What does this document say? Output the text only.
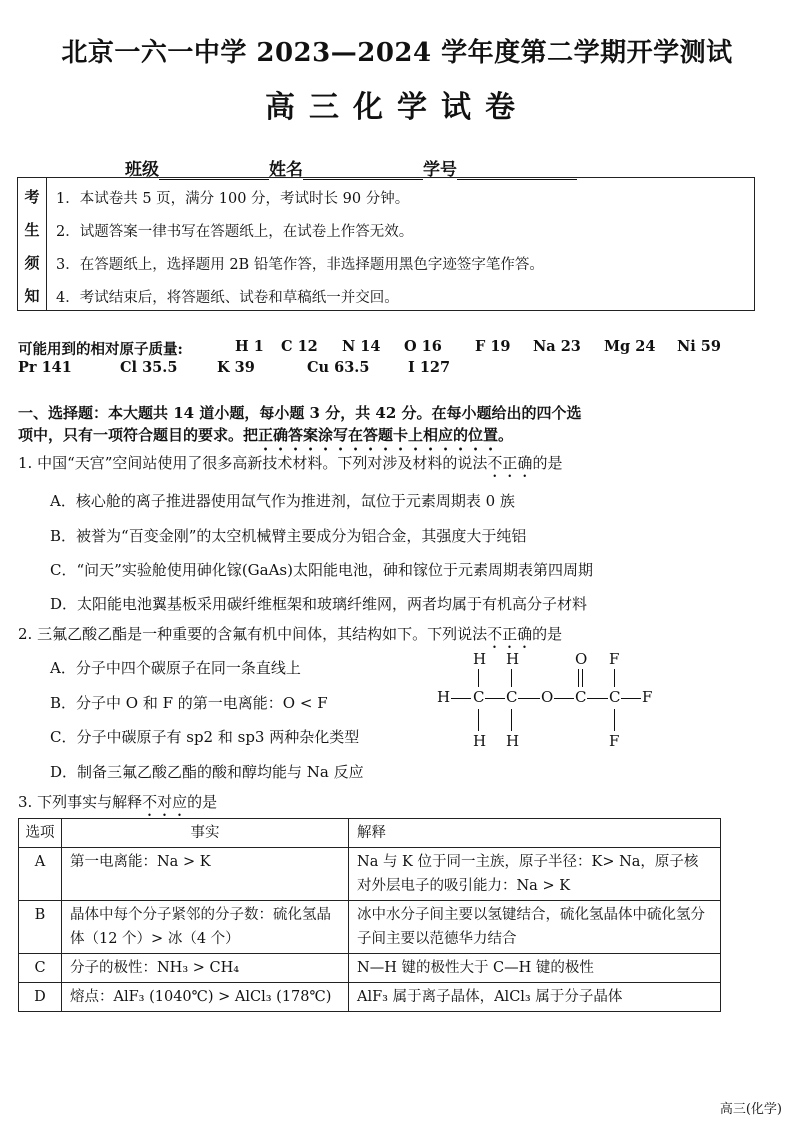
北京一六一中学 2023—2024 学年度第二学期开学测试
高三化学试卷
班级	姓名	学号
考
生
须
知
1．本试卷共 5 页，满分 100 分，考试时长 90 分钟。
2．试题答案一律书写在答题纸上，在试卷上作答无效。
3．在答题纸上，选择题用 2B 铅笔作答，非选择题用黑色字迹签字笔作答。
4．考试结束后，将答题纸、试卷和草稿纸一并交回。
可能用到的相对原子质量:	H 1 C 12 N 14 O 16 F 19 Na 23 Mg 24 Ni 59
Pr 141	Cl 35.5	K 39	Cu 63.5	I 127
一、选择题：本大题共 14 道小题，每小题 3 分，共 42 分。在每小题给出的四个选
项中，只有一项符合题目的要求。把正确答案涂写在答题卡上相应的位置。
1. 中国“天宫”空间站使用了很多高新技术材料。下列对涉及材料的说法不正确的是
A．核心舱的离子推进器使用氙气作为推进剂，氙位于元素周期表 0 族
B．被誉为“百变金刚”的太空机械臂主要成分为铝合金，其强度大于纯铝
C．“问天”实验舱使用砷化镓(GaAs)太阳能电池，砷和镓位于元素周期表第四周期
D．太阳能电池翼基板采用碳纤维框架和玻璃纤维网，两者均属于有机高分子材料
2. 三氟乙酸乙酯是一种重要的含氟有机中间体，其结构如下。下列说法不正确的是
A．分子中四个碳原子在同一条直线上
B．分子中 O 和 F 的第一电离能：O < F
C．分子中碳原子有 sp2 和 sp3 两种杂化类型
D．制备三氟乙酸乙酯的酸和醇均能与 Na 反应
H H	O F
H C C O C C F
H H	F
3. 下列事实与解释不对应的是
选项	事实	解释
A	第一电离能：Na > K	Na 与 K 位于同一主族，原子半径：K> Na，原子核对外层电子的吸引能力：Na > K
B	晶体中每个分子紧邻的分子数：硫化氢晶体（12 个）> 冰（4 个）	冰中水分子间主要以氢键结合，硫化氢晶体中硫化氢分子间主要以范德华力结合
C	分子的极性：NH₃ > CH₄	N—H 键的极性大于 C—H 键的极性
D	熔点：AlF₃ (1040℃) > AlCl₃ (178℃)	AlF₃ 属于离子晶体，AlCl₃ 属于分子晶体
高三(化学)
